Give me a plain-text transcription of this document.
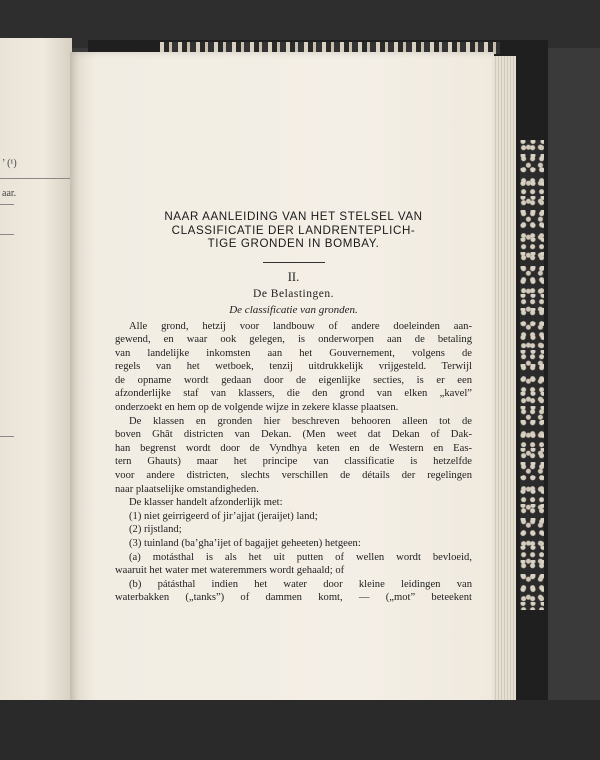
’ (¹)
aar.
NAAR AANLEIDING VAN HET STELSEL VAN
CLASSIFICATIE DER LANDRENTEPLICH-
TIGE GRONDEN IN BOMBAY.
II.
De Belastingen.
De classificatie van gronden.
Alle grond, hetzij voor landbouw of andere doeleinden aan-
gewend, en waar ook gelegen, is onderworpen aan de betaling
van landelijke inkomsten aan het Gouvernement, volgens de
regels van het wetboek, tenzij uitdrukkelijk vrijgesteld. Terwijl
de opname wordt gedaan door de eigenlijke secties, is er een
afzonderlijke staf van klassers, die den grond van elken „kavel”
onderzoekt en hem op de volgende wijze in zekere klasse plaatsen.
De klassen en gronden hier beschreven behooren alleen tot de
boven Ghât districten van Dekan. (Men weet dat Dekan of Dak-
han begrenst wordt door de Vyndhya keten en de Western en Eas-
tern Ghauts) maar het principe van classificatie is hetzelfde
voor andere districten, slechts verschillen de détails der regelingen
naar plaatselijke omstandigheden.
De klasser handelt afzonderlijk met:
(1) niet geirrigeerd of jir’ajjat (jeraijet) land;
(2) rijstland;
(3) tuinland (ba’gha’ijet of bagajjet geheeten) hetgeen:
(a) motásthal is als het uit putten of wellen wordt bevloeid,
waaruit het water met wateremmers wordt gehaald; of
(b) pátásthal indien het water door kleine leidingen van
waterbakken („tanks”) of dammen komt, — („mot” beteekent
